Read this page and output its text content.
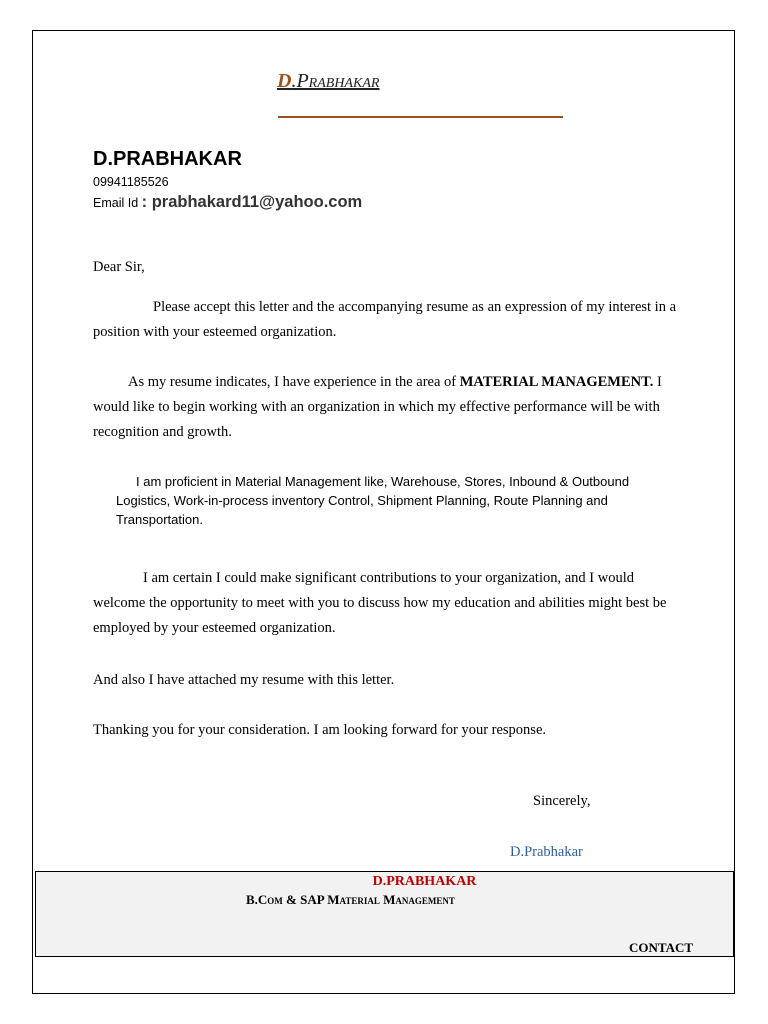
D.Prabhakar
D.PRABHAKAR
09941185526
Email Id : prabhakard11@yahoo.com
Dear Sir,
Please accept this letter and the accompanying resume as an expression of my interest in a position with your esteemed organization.
As my resume indicates, I have experience in the area of MATERIAL MANAGEMENT. I would like to begin working with an organization in which my effective performance will be with recognition and growth.
I am proficient in Material Management like, Warehouse, Stores, Inbound & Outbound Logistics, Work-in-process inventory Control, Shipment Planning, Route Planning and Transportation.
I am certain I could make significant contributions to your organization, and I would welcome the opportunity to meet with you to discuss how my education and abilities might best be employed by your esteemed organization.
And also I have attached my resume with this letter.
Thanking you for your consideration. I am looking forward for your response.
Sincerely,
D.Prabhakar
D.PRABHAKAR
B.Com & SAP Material Management
CONTACT
